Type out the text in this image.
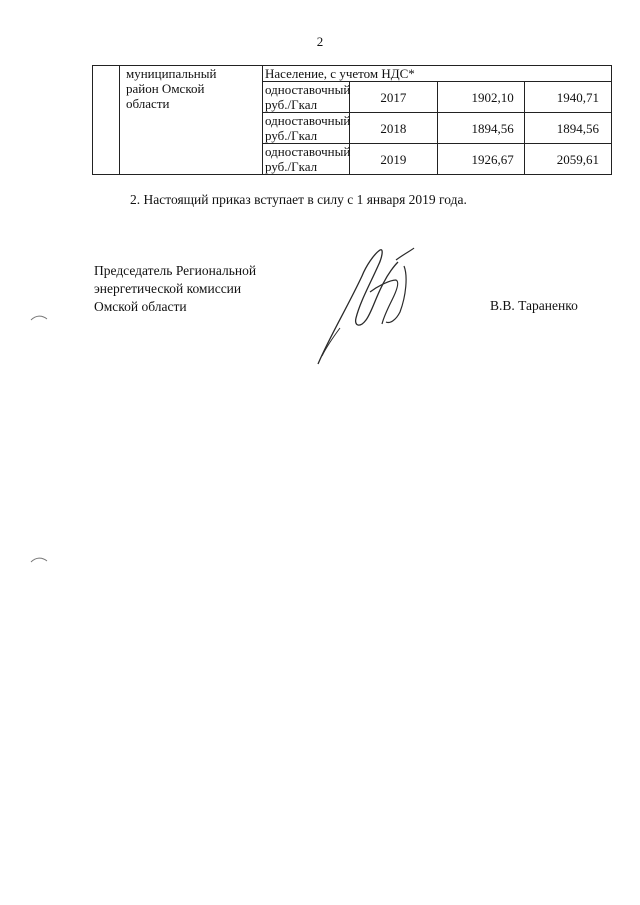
2

	муниципальный
район Омской
области	Население, с учетом НДС*			

		одноставочный
руб./Гкал	2017	1902,10	1940,71

		одноставочный
руб./Гкал	2018	1894,56	1894,56

		одноставочный
руб./Гкал	2019	1926,67	2059,61
2. Настоящий приказ вступает в силу с 1 января 2019 года.
Председатель Региональной
энергетической комиссии
Омской области	В.В. Тараненко
